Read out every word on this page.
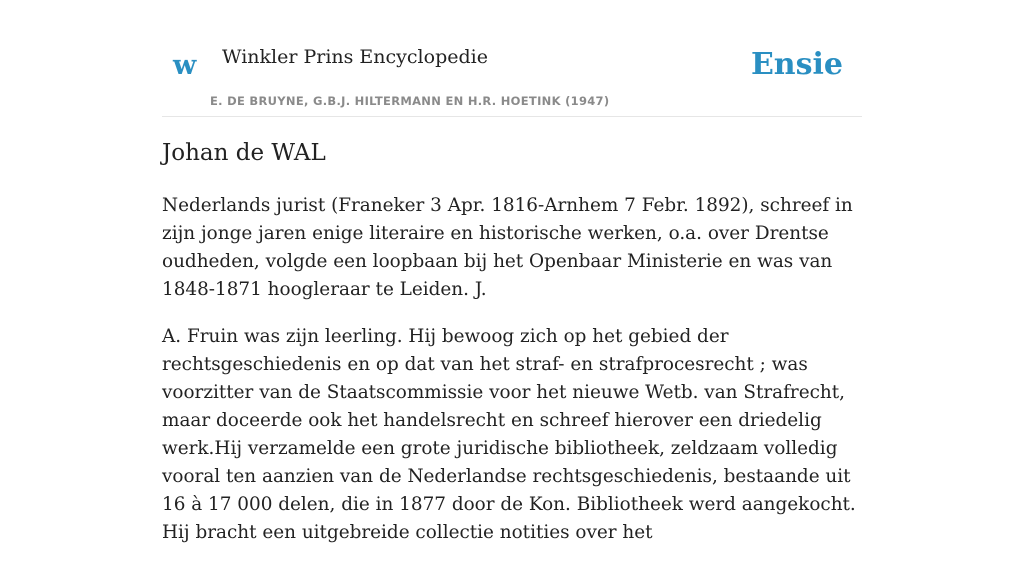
w Winkler Prins Encyclopedie
E. DE BRUYNE, G.B.J. HILTERMANN EN H.R. HOETINK (1947)
Ensie
Johan de WAL

Nederlands jurist (Franeker 3 Apr. 1816-Arnhem 7 Febr. 1892), schreef in zijn jonge jaren enige literaire en historische werken, o.a. over Drentse oudheden, volgde een loopbaan bij het Openbaar Ministerie en was van 1848-1871 hoogleraar te Leiden. J.

A. Fruin was zijn leerling. Hij bewoog zich op het gebied der rechtsgeschiedenis en op dat van het straf- en strafprocesrecht ; was voorzitter van de Staatscommissie voor het nieuwe Wetb. van Strafrecht, maar doceerde ook het handelsrecht en schreef hierover een driedelig werk.Hij verzamelde een grote juridische bibliotheek, zeldzaam volledig vooral ten aanzien van de Nederlandse rechtsgeschiedenis, bestaande uit 16 à 17 000 delen, die in 1877 door de Kon. Bibliotheek werd aangekocht. Hij bracht een uitgebreide collectie notities over het
